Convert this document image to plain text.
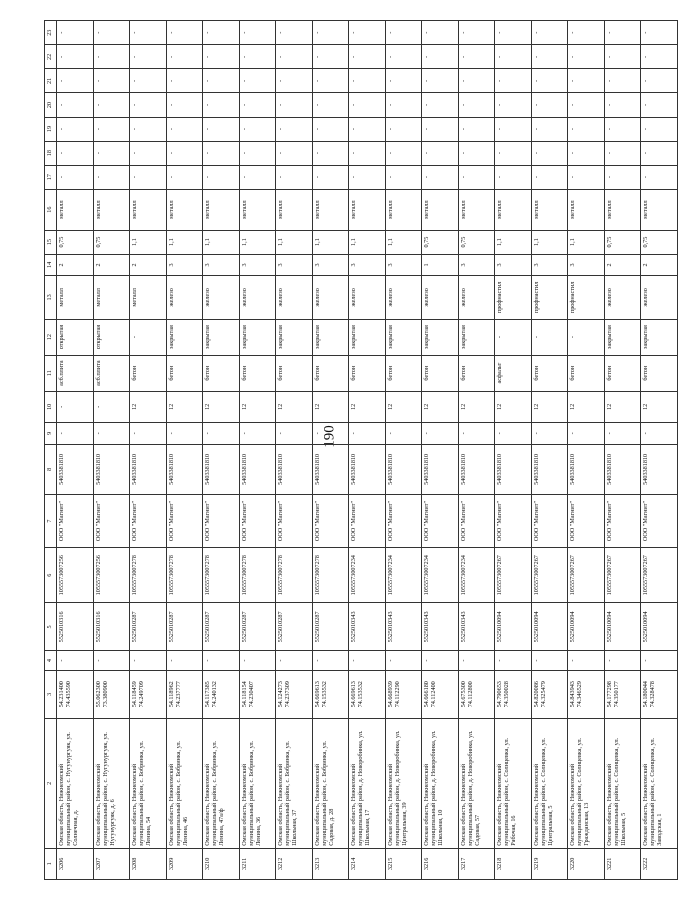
190
1	2	3	4	5	6	7	8	9	10	11	12	13	14	15	16	17	18	19	20	21	22	23
3206	Омская область, Нижнеомский муниципальный район, с. Нугунургуяк, ул. Солнечная, д.	54.231400 74.435590	-	5525010316	1055573007256	ООО "Магнит"	5403381810	-	-	асб.плита	открытая	металл	2	0,75	металл	-	-	-	-	-	-	-
3207	Омская область, Нижнеомский муниципальный район, с. Нугунургуяк, ул. Нугунургуяк, д. 6	55.062300 73.380900	-	5525010316	1055573007256	ООО "Магнит"	5403381810	-	-	асб.плита	открытая	металл	2	0,75	металл	-	-	-	-	-	-	-
3208	Омская область, Нижнеомский муниципальный район, с. Бобринка, ул. Ленина, 54	54.118459 74.249709	-	5525010287	1055573007278	ООО "Магнит"	5403381810	-	12	бетон	-	металл	2	1,1	металл	-	-	-	-	-	-	-
3209	Омская область, Нижнеомский муниципальный район, с. Бобринка, ул. Ленина, 46	54.118962 74.237777	-	5525010287	1055573007278	ООО "Магнит"	5403381810	-	12	бетон	закрытая	железо	3	1,1	металл	-	-	-	-	-	-	-
3210	Омская область, Нижнеомский муниципальный район, с. Бобринка, ул. Ленина, 47a/ф	54.117385 74.240132	-	5525010287	1055573007278	ООО "Магнит"	5403381810	-	12	бетон	закрытая	железо	3	1,1	металл	-	-	-	-	-	-	-
3211	Омская область, Нижнеомский муниципальный район, с. Бобринка, ул. Ленина, 36	54.118154 74.230407	-	5525010287	1055573007278	ООО "Магнит"	5403381810	-	12	бетон	закрытая	железо	3	1,1	металл	-	-	-	-	-	-	-
3212	Омская область, Нижнеомский муниципальный район, с. Бобринка, ул. Школьная, 37	54.124273 74.237309	-	5525010287	1055573007278	ООО "Магнит"	5403381810	-	12	бетон	закрытая	железо	3	1,1	металл	-	-	-	-	-	-	-
3213	Омская область, Нижнеомский муниципальный район, с. Бобринка, ул. Садовая, д. 28	54.669613 74.153532	-	5525010287	1055573007278	ООО "Магнит"	5403381810	-	12	бетон	закрытая	железо	3	1,1	металл	-	-	-	-	-	-	-
3214	Омская область, Нижнеомский муниципальный район, д. Новоробинка, ул. Школьная, 17	54.669613 74.153532	-	5525010343	1055573007234	ООО "Магнит"	5403381810	-	12	бетон	закрытая	железо	3	1,1	металл	-	-	-	-	-	-	-
3215	Омская область, Нижнеомский муниципальный район, д. Новоробинка, ул. Центральная, 39	54.668939 74.112290	-	5525010343	1055573007234	ООО "Магнит"	5403381810	-	12	бетон	закрытая	железо	3	1,1	металл	-	-	-	-	-	-	-
3216	Омская область, Нижнеомский муниципальный район, д. Новоробинка, ул. Школьная, 10	54.666180 74.112400	-	5525010343	1055573007234	ООО "Магнит"	5403381810	-	12	бетон	закрытая	железо	1	0,75	металл	-	-	-	-	-	-	-
3217	Омская область, Нижнеомский муниципальный район, д. Новоробинка, ул. Садовая, 57	54.675300 74.112800	-	5525010343	1055573007234	ООО "Магнит"	5403381810	-	12	бетон	закрытая	железо	3	0,75	металл	-	-	-	-	-	-	-
3218	Омская область, Нижнеомский муниципальный район, с. Солнцевка, ул. Рабочая, 16	54.790653 74.350028	-	5525010094	1055573007267	ООО "Магнит"	5403381810	-	12	асфальт	-	профнастил	3	1,1	металл	-	-	-	-	-	-	-
3219	Омская область, Нижнеомский муниципальный район, с. Солнцевка, ул. Центральная, 5	54.820086 74.325479	-	5525010094	1055573007267	ООО "Магнит"	5403381810	-	12	бетон	-	профнастил	3	1,1	металл	-	-	-	-	-	-	-
3220	Омская область, Нижнеомский муниципальный район, с. Солнцевка, ул. Гражданская, 13	54.843943 74.346529	-	5525010094	1055573007267	ООО "Магнит"	5403381810	-	12	бетон	-	профнастил	3	1,1	металл	-	-	-	-	-	-	-
3221	Омская область, Нижнеомский муниципальный район, с. Солнцевка, ул. Школьная, 5	54.177298 74.350177	-	5525010094	1055573007267	ООО "Магнит"	5403381810	-	12	бетон	закрытая	железо	2	0,75	металл	-	-	-	-	-	-	-
3222	Омская область, Нижнеомский муниципальный район, с. Солнцевка, ул. Заводская, 1	54.180044 74.328478	-	5525010094	1055573007267	ООО "Магнит"	5403381810	-	12	бетон	закрытая	железо	2	0,75	металл	-	-	-	-	-	-	-
